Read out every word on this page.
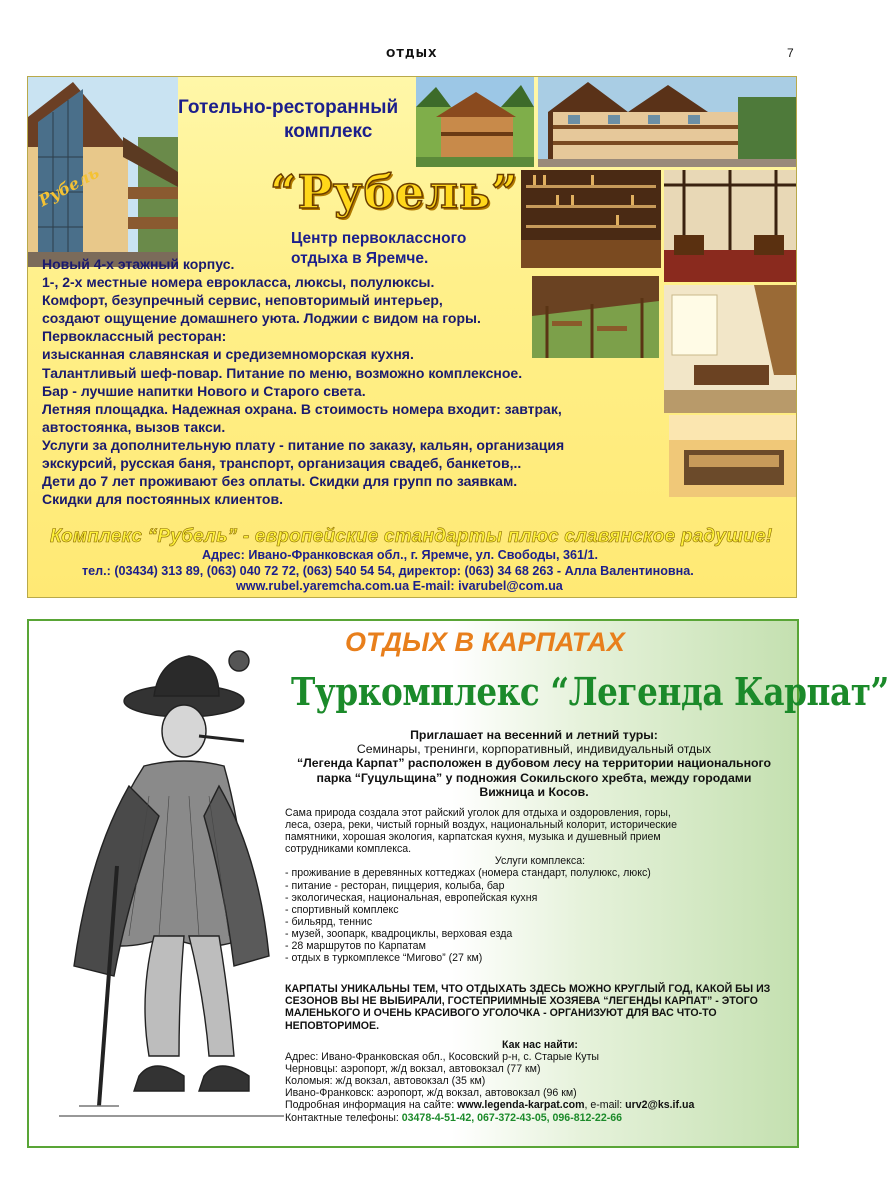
ОТДЫХ	7
Рубель
Готельно-ресторанный
комплекс
“Рубель”
Центр первоклассного
отдыха в Яремче.
Новый 4-х этажный корпус.
1-, 2-х местные номера еврокласса, люксы, полулюксы.
Комфорт, безупречный сервис, неповторимый интерьер,
создают ощущение домашнего уюта. Лоджии с видом на горы.
Первоклассный ресторан:
изысканная славянская и средиземноморская кухня.
Талантливый шеф-повар. Питание по меню, возможно комплексное.
Бар - лучшие напитки Нового и Старого света.
Летняя площадка. Надежная охрана. В стоимость номера входит: завтрак,
автостоянка, вызов такси.
Услуги за дополнительную плату - питание по заказу, кальян, организация
экскурсий, русская баня, транспорт, организация свадеб, банкетов,..
Дети до 7 лет проживают без оплаты. Скидки для групп по заявкам.
Скидки для постоянных клиентов.
Комплекс “Рубель” - европейские стандарты плюс славянское радушие!
Адрес: Ивано-Франковская обл., г. Яремче, ул. Свободы, 361/1.
тел.: (03434) 313 89, (063) 040 72 72, (063) 540 54 54, директор: (063) 34 68 263 - Алла Валентиновна.
www.rubel.yaremcha.com.ua E-mail: ivarubel@com.ua
ОТДЫХ В КАРПАТАХ
Туркомплекс “Легенда Карпат”
Приглашает на весенний и летний туры:
Семинары, тренинги, корпоративный, индивидуальный отдых
“Легенда Карпат” расположен в дубовом лесу на территории национального
парка “Гуцульщина” у подножия Сокильского хребта, между городами
Вижница и Косов.
Сама природа создала этот райский уголок для отдыха и оздоровления, горы,
леса, озера, реки, чистый горный воздух, национальный колорит, исторические
памятники, хорошая экология, карпатская кухня, музыка и душевный прием
сотрудниками комплекса.
Услуги комплекса:
- проживание в деревянных коттеджах (номера стандарт, полулюкс, люкс)
- питание - ресторан, пиццерия, колыба, бар
- экологическая, национальная, европейская кухня
- спортивный комплекс
- бильярд, теннис
- музей, зоопарк, квадроциклы, верховая езда
- 28 маршрутов по Карпатам
- отдых в туркомплексе “Мигово” (27 км)
КАРПАТЫ УНИКАЛЬНЫ ТЕМ, ЧТО ОТДЫХАТЬ ЗДЕСЬ МОЖНО КРУГЛЫЙ ГОД, КАКОЙ БЫ ИЗ СЕЗОНОВ ВЫ НЕ ВЫБИРАЛИ, ГОСТЕПРИИМНЫЕ ХОЗЯЕВА “ЛЕГЕНДЫ КАРПАТ” - ЭТОГО МАЛЕНЬКОГО И ОЧЕНЬ КРАСИВОГО УГОЛОЧКА - ОРГАНИЗУЮТ ДЛЯ ВАС ЧТО-ТО НЕПОВТОРИМОЕ.
Как нас найти:
Адрес: Ивано-Франковская обл., Косовский р-н, с. Старые Куты
Черновцы: аэропорт, ж/д вокзал, автовокзал (77 км)
Коломыя: ж/д вокзал, автовокзал (35 км)
Ивано-Франковск: аэропорт, ж/д вокзал, автовокзал (96 км)
Подробная информация на сайте: www.legenda-karpat.com, e-mail: urv2@ks.if.ua
Контактные телефоны: 03478-4-51-42, 067-372-43-05, 096-812-22-66
